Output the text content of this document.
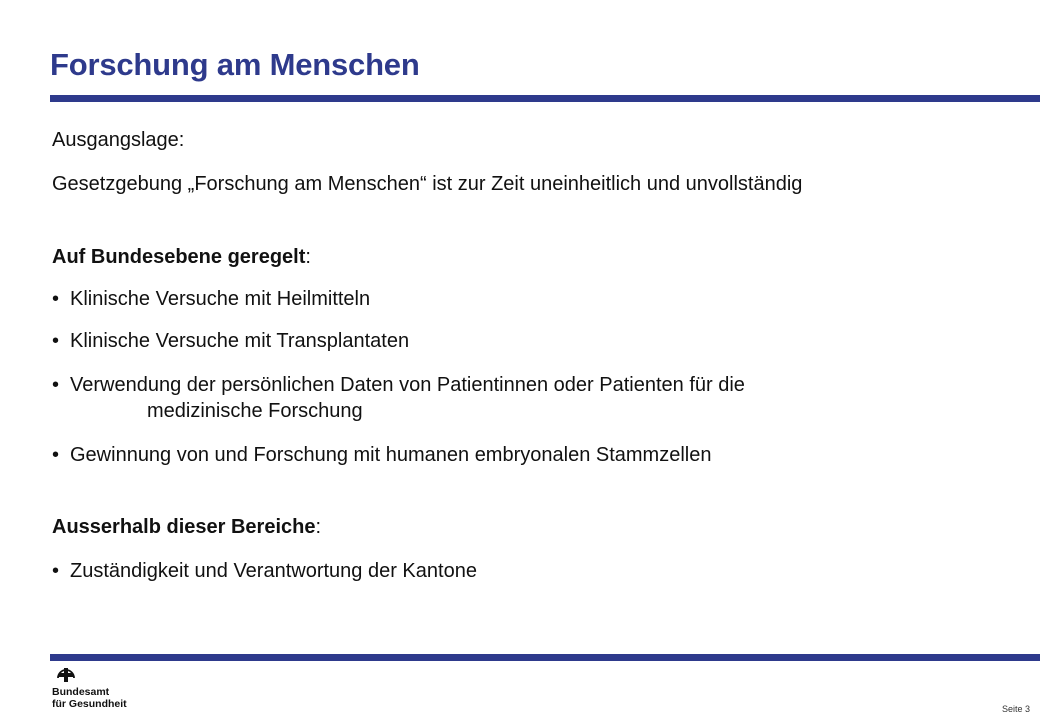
Forschung am Menschen
Ausgangslage:
Gesetzgebung „Forschung am Menschen“ ist zur Zeit uneinheitlich und unvollständig
Auf Bundesebene geregelt:
• Klinische Versuche mit Heilmitteln
• Klinische Versuche mit Transplantaten
• Verwendung der persönlichen Daten von Patientinnen oder Patienten für die
medizinische Forschung
• Gewinnung von und Forschung mit humanen embryonalen Stammzellen
Ausserhalb dieser Bereiche:
• Zuständigkeit und Verantwortung der Kantone
Bundesamt
für Gesundheit	Seite 3
